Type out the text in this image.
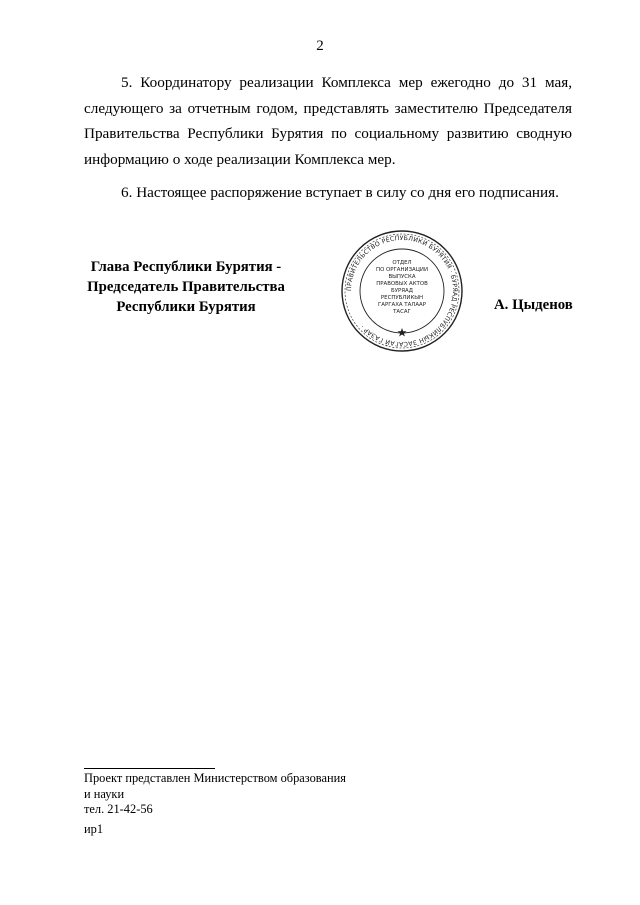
2

5. Координатору реализации Комплекса мер ежегодно до 31 мая, следующего за отчетным годом, представлять заместителю Председателя Правительства Республики Бурятия по социальному развитию сводную информацию о ходе реализации Комплекса мер.

6. Настоящее распоряжение вступает в силу со дня его подписания.

Глава Республики Бурятия -
Председатель Правительства
Республики Бурятия
ПРАВИТЕЛЬСТВО РЕСПУБЛИКИ БУРЯТИЯ · БУРЯАД РЕСПУБЛИКЫН ЗАСАГАЙ ГАЗАР ·
ОТДЕЛ
ПО ОРГАНИЗАЦИИ
ВЫПУСКА
ПРАВОВЫХ АКТОВ
БУРЯАД
РЕСПУБЛИКЫН
ГАРГАХА ТАЛААР
ТАСАГ	А. Цыденов
Проект представлен Министерством образования
и науки
тел. 21-42-56
ир1
